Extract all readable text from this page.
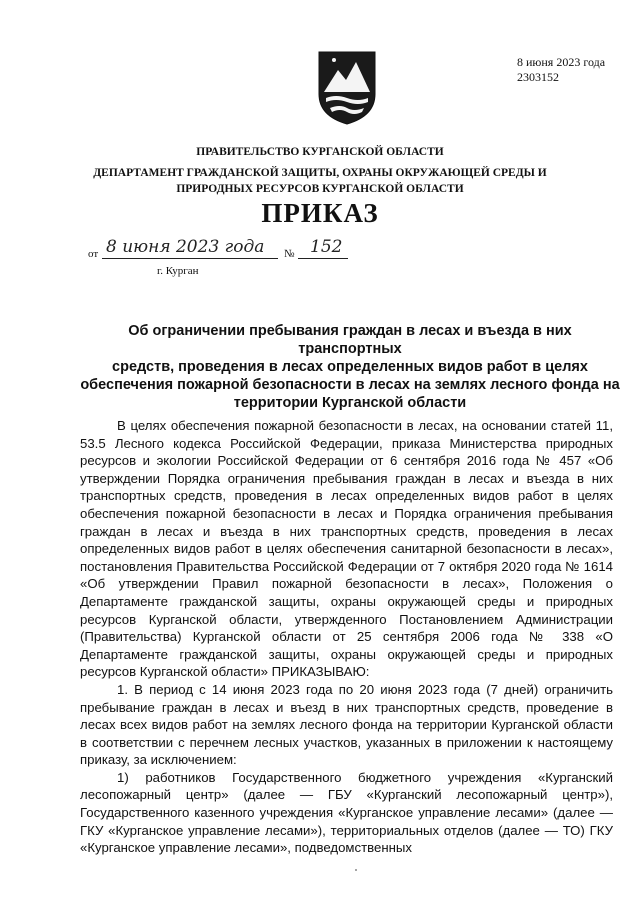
8 июня 2023 года
2303152
ПРАВИТЕЛЬСТВО КУРГАНСКОЙ ОБЛАСТИ
ДЕПАРТАМЕНТ ГРАЖДАНСКОЙ ЗАЩИТЫ, ОХРАНЫ ОКРУЖАЮЩЕЙ СРЕДЫ И
ПРИРОДНЫХ РЕСУРСОВ КУРГАНСКОЙ ОБЛАСТИ
ПРИКАЗ
от 8 июня 2023 года № 152
г. Курган
Об ограничении пребывания граждан в лесах и въезда в них транспортных
средств, проведения в лесах определенных видов работ в целях
обеспечения пожарной безопасности в лесах на землях лесного фонда на
территории Курганской области

В целях обеспечения пожарной безопасности в лесах, на основании статей 11, 53.5 Лесного кодекса Российской Федерации, приказа Министерства природных ресурсов и экологии Российской Федерации от 6 сентября 2016 года № 457 «Об утверждении Порядка ограничения пребывания граждан в лесах и въезда в них транспортных средств, проведения в лесах определенных видов работ в целях обеспечения пожарной безопасности в лесах и Порядка ограничения пребывания граждан в лесах и въезда в них транспортных средств, проведения в лесах определенных видов работ в целях обеспечения санитарной безопасности в лесах», постановления Правительства Российской Федерации от 7 октября 2020 года № 1614 «Об утверждении Правил пожарной безопасности в лесах», Положения о Департаменте гражданской защиты, охраны окружающей среды и природных ресурсов Курганской области, утвержденного Постановлением Администрации (Правительства) Курганской области от 25 сентября 2006 года № 338 «О Департаменте гражданской защиты, охраны окружающей среды и природных ресурсов Курганской области» ПРИКАЗЫВАЮ:

1. В период с 14 июня 2023 года по 20 июня 2023 года (7 дней) ограничить пребывание граждан в лесах и въезд в них транспортных средств, проведение в лесах всех видов работ на землях лесного фонда на территории Курганской области в соответствии с перечнем лесных участков, указанных в приложении к настоящему приказу, за исключением:

1) работников Государственного бюджетного учреждения «Курганский лесопожарный центр» (далее — ГБУ «Курганский лесопожарный центр»), Государственного казенного учреждения «Курганское управление лесами» (далее — ГКУ «Курганское управление лесами»), территориальных отделов (далее — ТО) ГКУ «Курганское управление лесами», подведомственных
